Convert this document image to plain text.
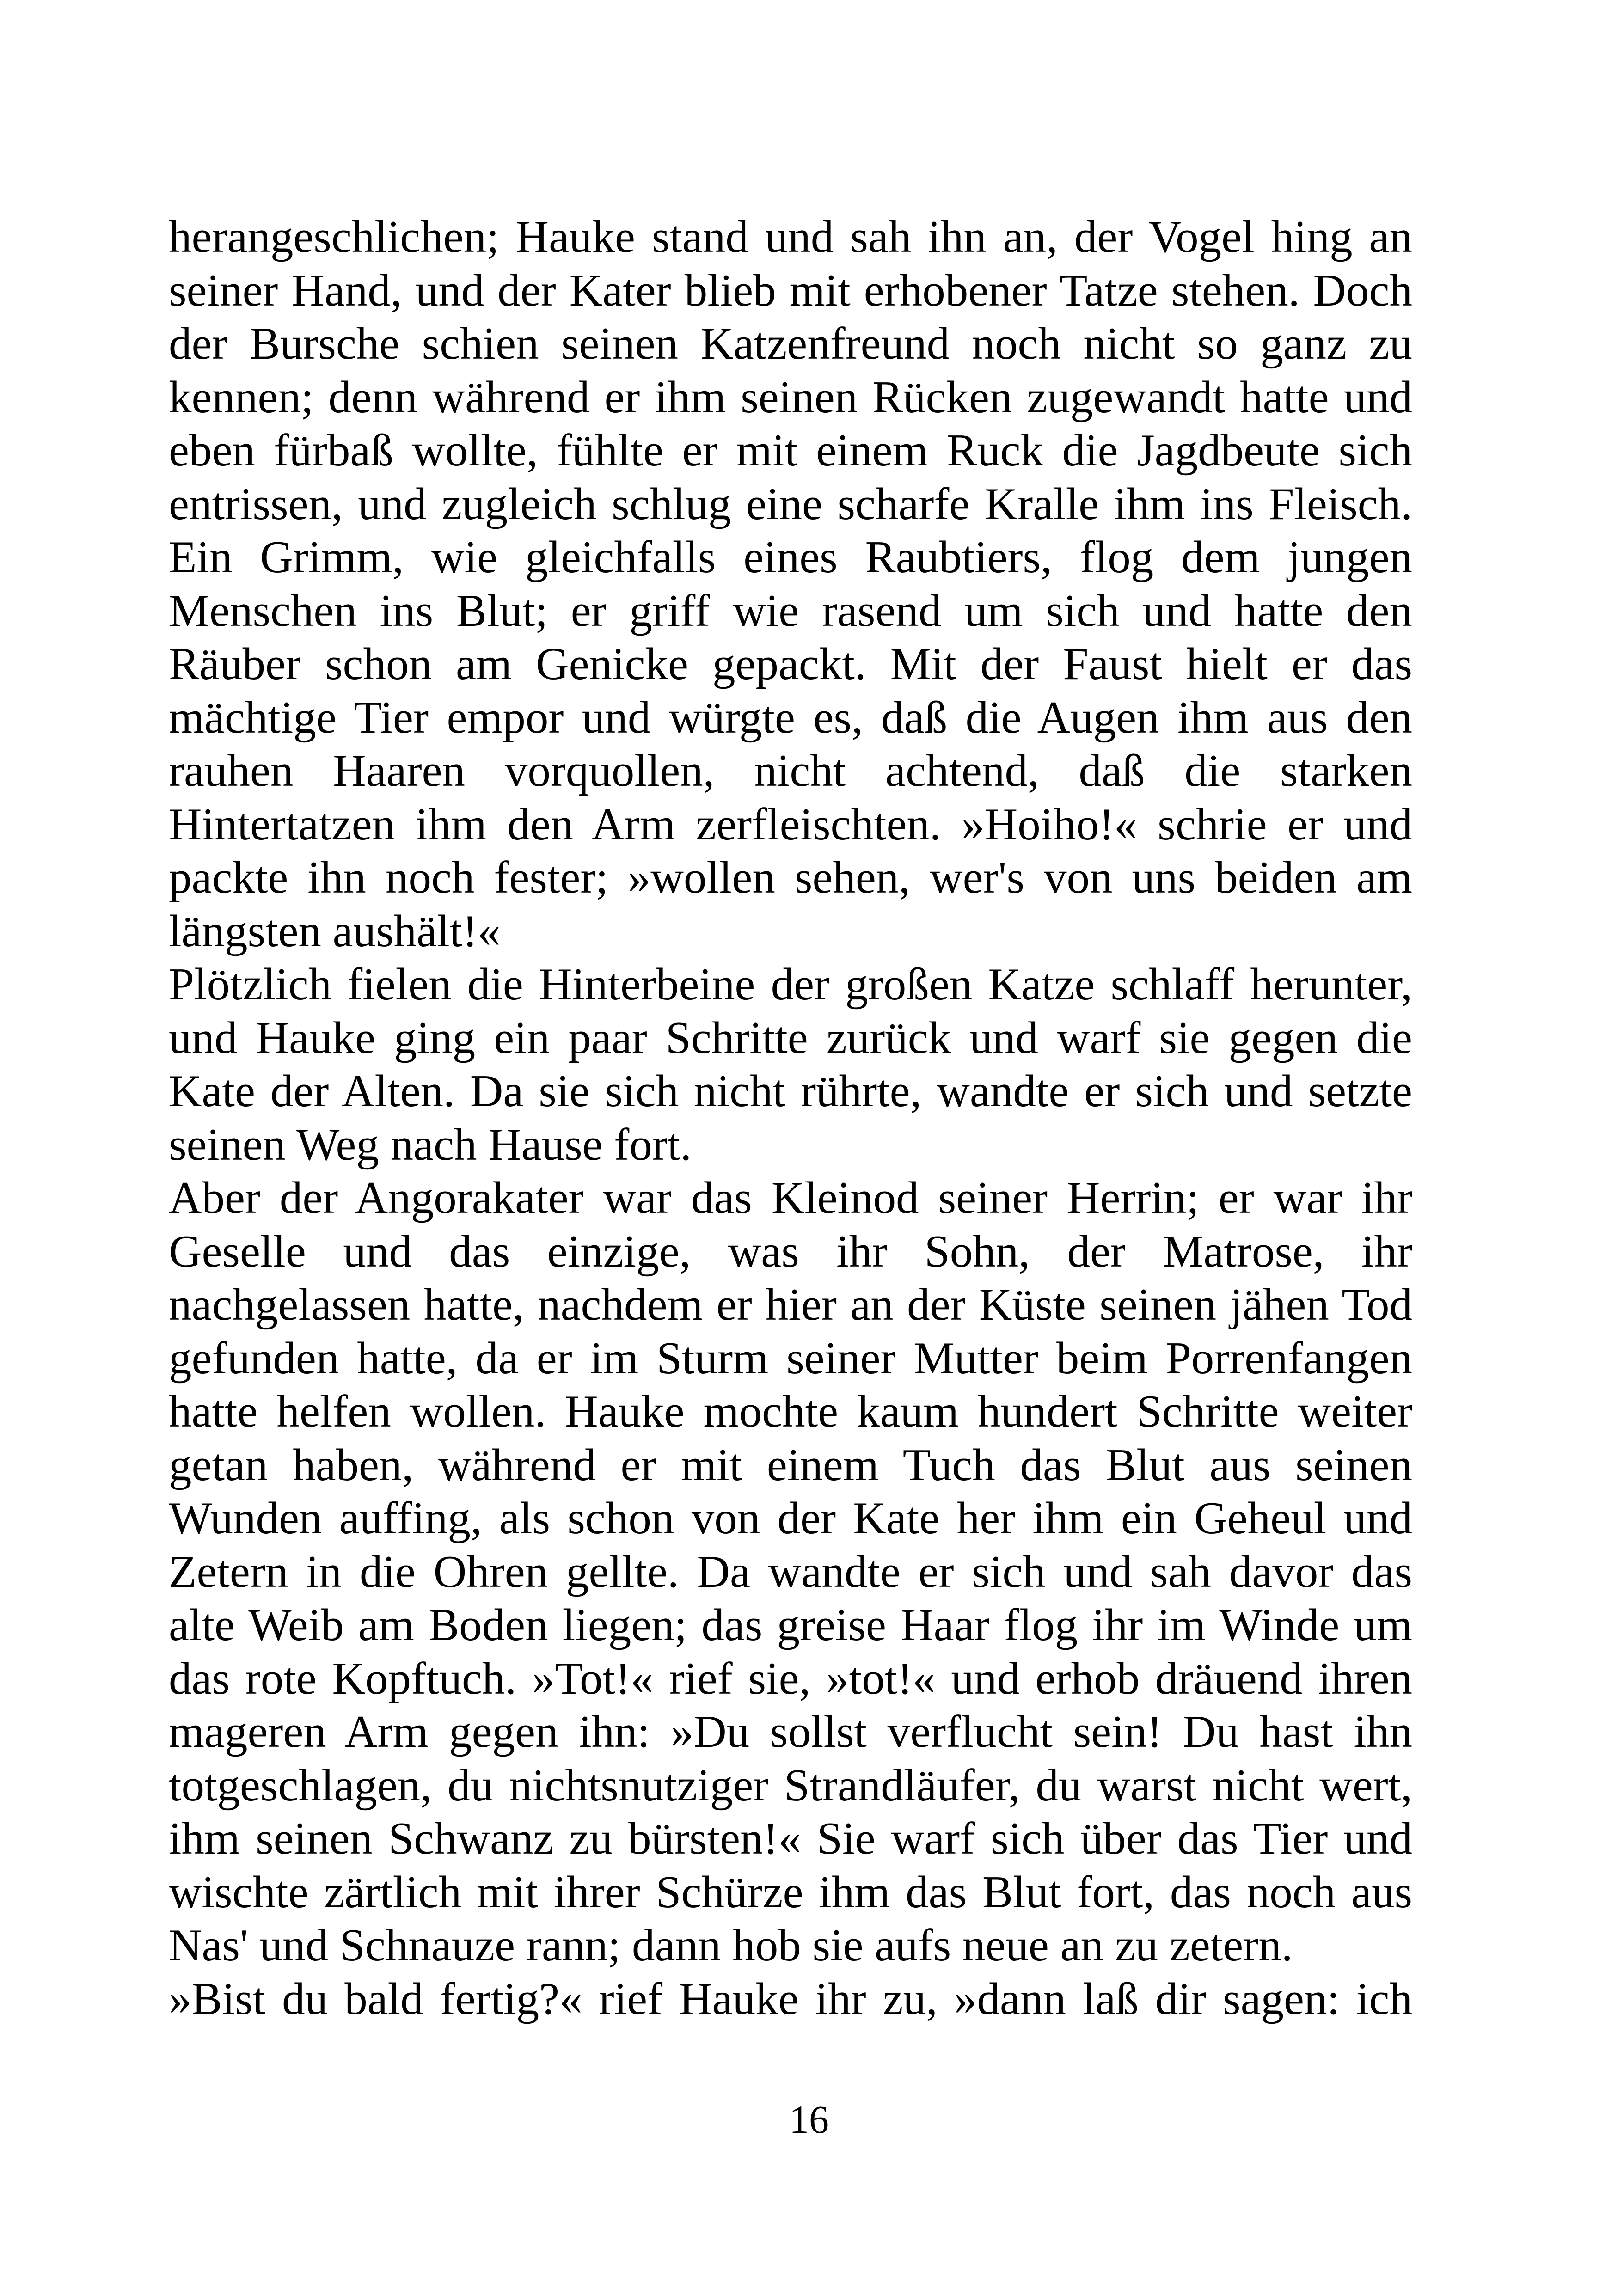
herangeschlichen; Hauke stand und sah ihn an, der Vogel hing an
seiner Hand, und der Kater blieb mit erhobener Tatze stehen. Doch
der Bursche schien seinen Katzenfreund noch nicht so ganz zu
kennen; denn während er ihm seinen Rücken zugewandt hatte und
eben fürbaß wollte, fühlte er mit einem Ruck die Jagdbeute sich
entrissen, und zugleich schlug eine scharfe Kralle ihm ins Fleisch.
Ein Grimm, wie gleichfalls eines Raubtiers, flog dem jungen
Menschen ins Blut; er griff wie rasend um sich und hatte den
Räuber schon am Genicke gepackt. Mit der Faust hielt er das
mächtige Tier empor und würgte es, daß die Augen ihm aus den
rauhen Haaren vorquollen, nicht achtend, daß die starken
Hintertatzen ihm den Arm zerfleischten. »Hoiho!« schrie er und
packte ihn noch fester; »wollen sehen, wer's von uns beiden am
längsten aushält!«
Plötzlich fielen die Hinterbeine der großen Katze schlaff herunter,
und Hauke ging ein paar Schritte zurück und warf sie gegen die
Kate der Alten. Da sie sich nicht rührte, wandte er sich und setzte
seinen Weg nach Hause fort.
Aber der Angorakater war das Kleinod seiner Herrin; er war ihr
Geselle und das einzige, was ihr Sohn, der Matrose, ihr
nachgelassen hatte, nachdem er hier an der Küste seinen jähen Tod
gefunden hatte, da er im Sturm seiner Mutter beim Porrenfangen
hatte helfen wollen. Hauke mochte kaum hundert Schritte weiter
getan haben, während er mit einem Tuch das Blut aus seinen
Wunden auffing, als schon von der Kate her ihm ein Geheul und
Zetern in die Ohren gellte. Da wandte er sich und sah davor das
alte Weib am Boden liegen; das greise Haar flog ihr im Winde um
das rote Kopftuch. »Tot!« rief sie, »tot!« und erhob dräuend ihren
mageren Arm gegen ihn: »Du sollst verflucht sein! Du hast ihn
totgeschlagen, du nichtsnutziger Strandläufer, du warst nicht wert,
ihm seinen Schwanz zu bürsten!« Sie warf sich über das Tier und
wischte zärtlich mit ihrer Schürze ihm das Blut fort, das noch aus
Nas' und Schnauze rann; dann hob sie aufs neue an zu zetern.
»Bist du bald fertig?« rief Hauke ihr zu, »dann laß dir sagen: ich
16
